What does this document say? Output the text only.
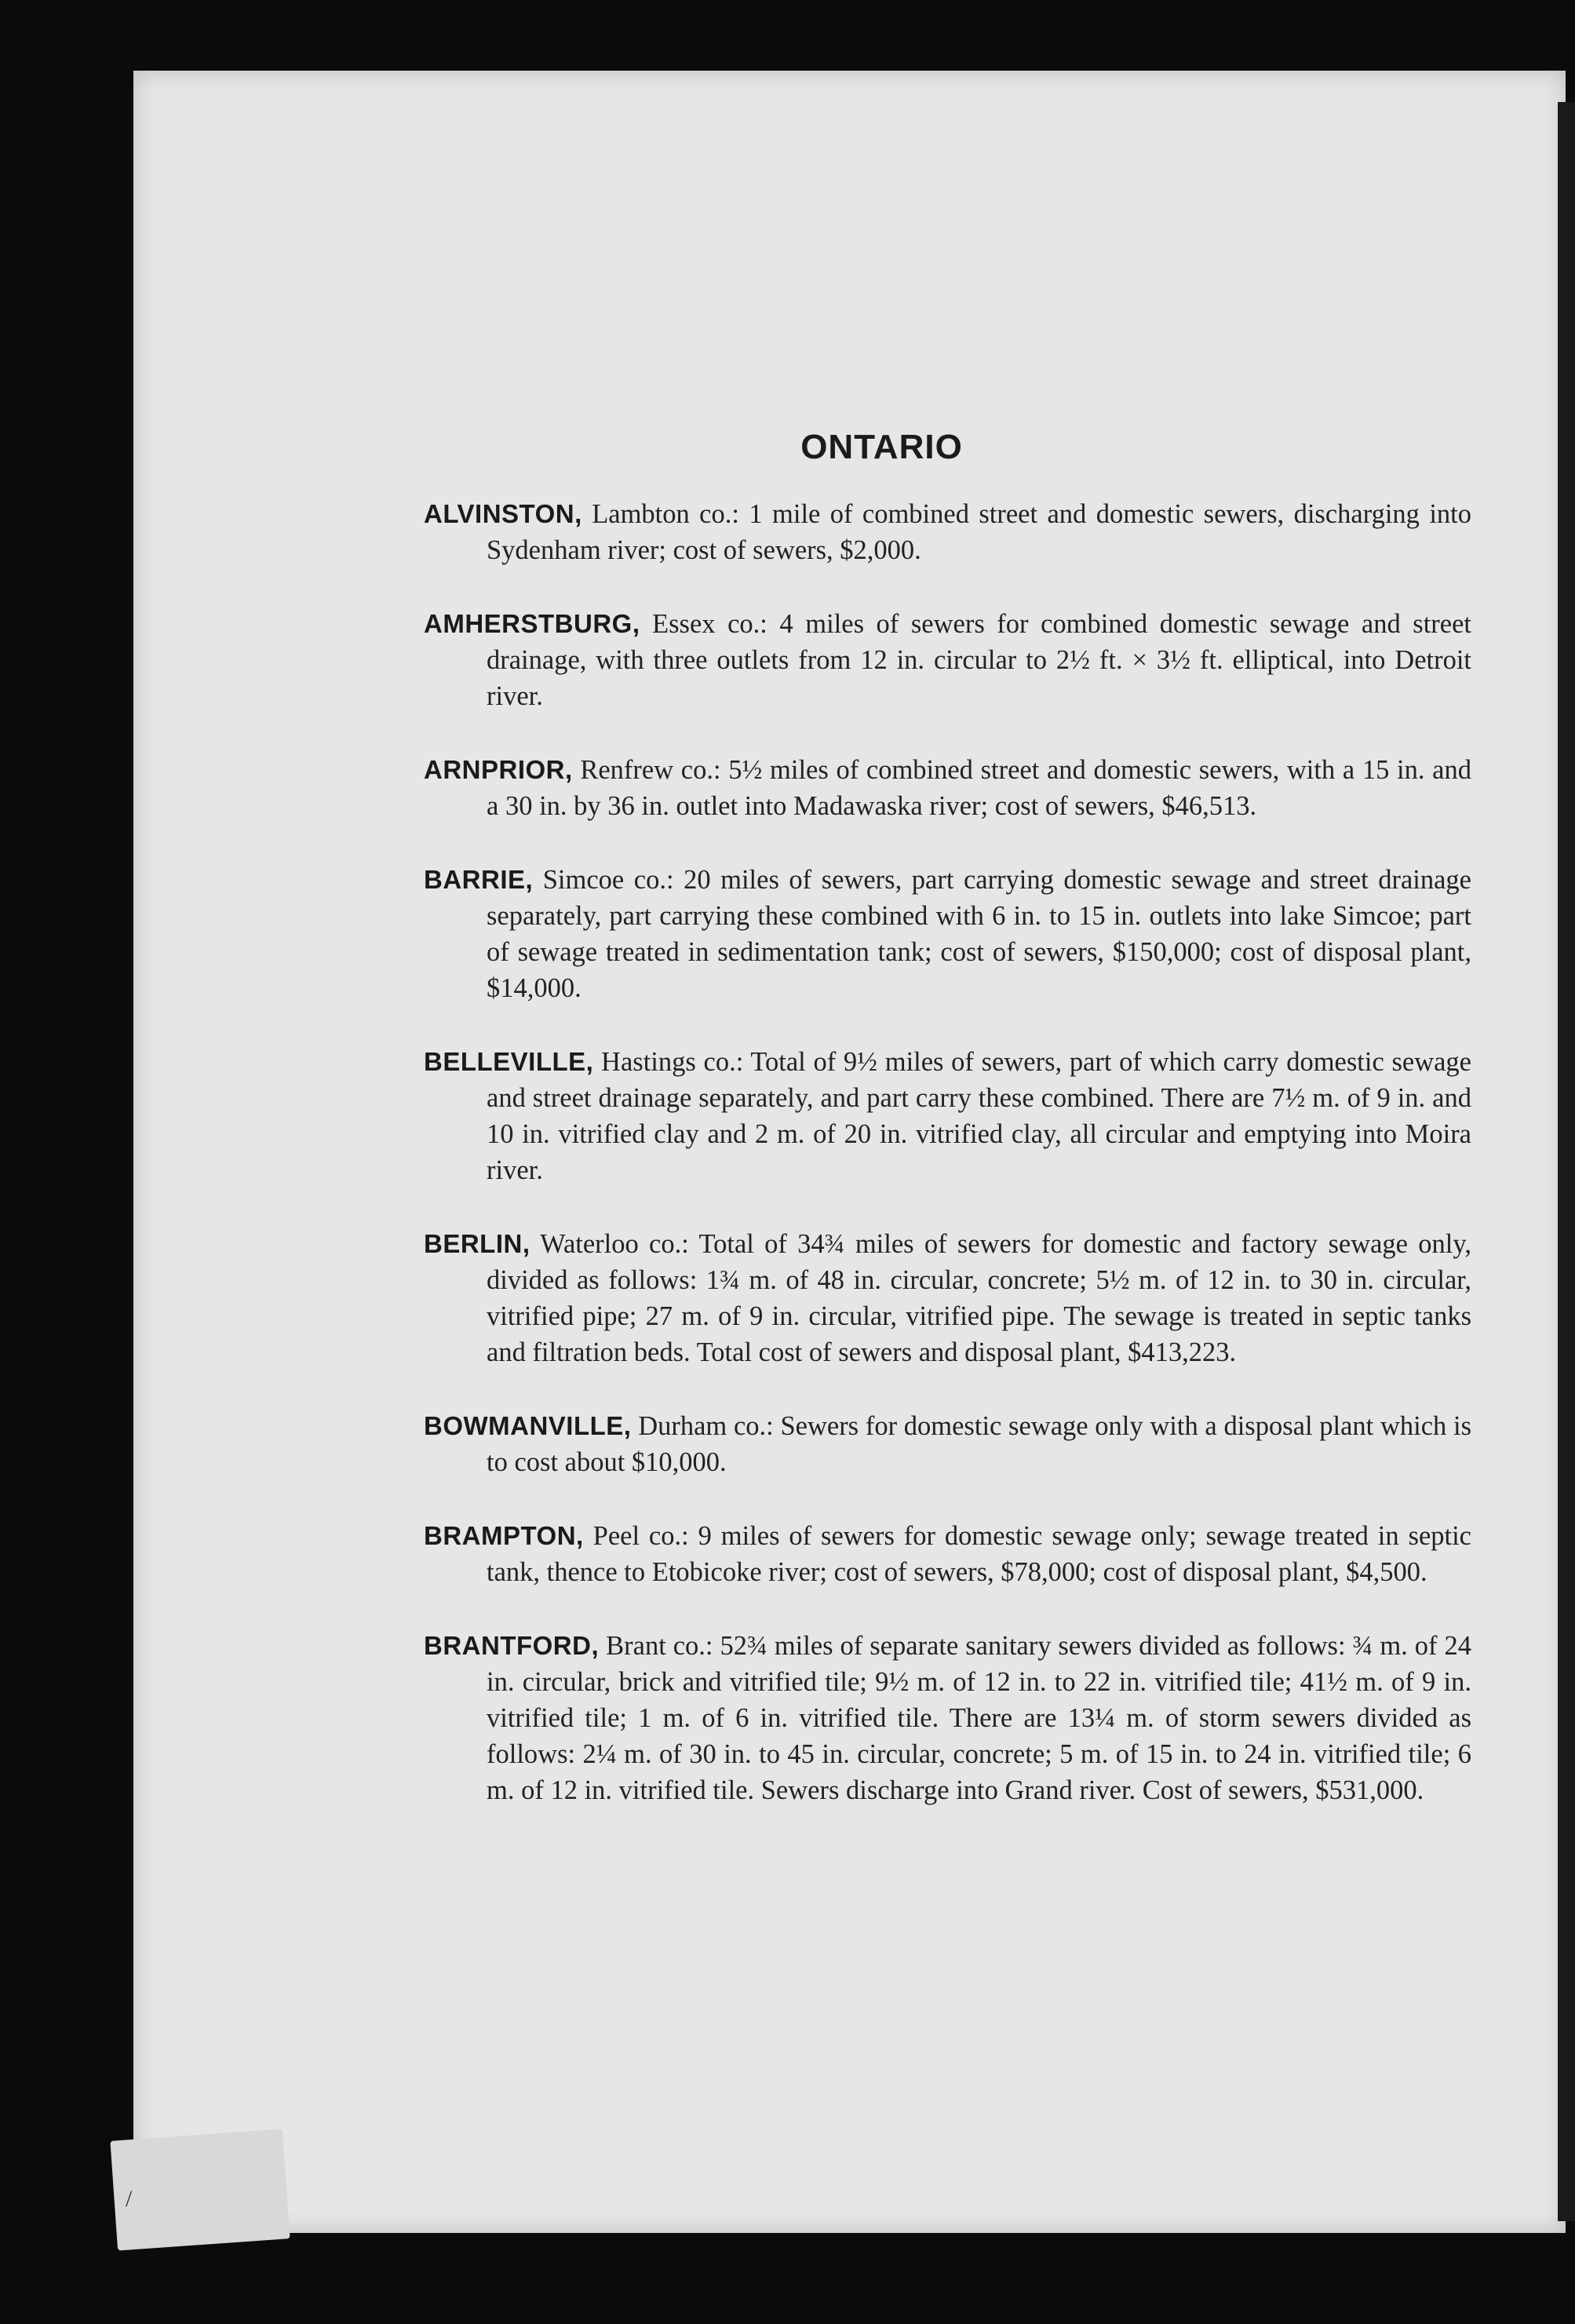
ONTARIO

ALVINSTON, Lambton co.: 1 mile of combined street and domestic sewers, discharging into Sydenham river; cost of sewers, $2,000.

AMHERSTBURG, Essex co.: 4 miles of sewers for combined domestic sewage and street drainage, with three outlets from 12 in. circular to 2½ ft. × 3½ ft. elliptical, into Detroit river.

ARNPRIOR, Renfrew co.: 5½ miles of combined street and domestic sewers, with a 15 in. and a 30 in. by 36 in. outlet into Madawaska river; cost of sewers, $46,513.

BARRIE, Simcoe co.: 20 miles of sewers, part carrying domestic sewage and street drainage separately, part carrying these combined with 6 in. to 15 in. outlets into lake Simcoe; part of sewage treated in sedimentation tank; cost of sewers, $150,000; cost of disposal plant, $14,000.

BELLEVILLE, Hastings co.: Total of 9½ miles of sewers, part of which carry domestic sewage and street drainage separately, and part carry these combined. There are 7½ m. of 9 in. and 10 in. vitrified clay and 2 m. of 20 in. vitrified clay, all circular and emptying into Moira river.

BERLIN, Waterloo co.: Total of 34¾ miles of sewers for domestic and factory sewage only, divided as follows: 1¾ m. of 48 in. circular, concrete; 5½ m. of 12 in. to 30 in. circular, vitrified pipe; 27 m. of 9 in. circular, vitrified pipe. The sewage is treated in septic tanks and filtration beds. Total cost of sewers and disposal plant, $413,223.

BOWMANVILLE, Durham co.: Sewers for domestic sewage only with a disposal plant which is to cost about $10,000.

BRAMPTON, Peel co.: 9 miles of sewers for domestic sewage only; sewage treated in septic tank, thence to Etobicoke river; cost of sewers, $78,000; cost of disposal plant, $4,500.

BRANTFORD, Brant co.: 52¾ miles of separate sanitary sewers divided as follows: ¾ m. of 24 in. circular, brick and vitrified tile; 9½ m. of 12 in. to 22 in. vitrified tile; 41½ m. of 9 in. vitrified tile; 1 m. of 6 in. vitrified tile. There are 13¼ m. of storm sewers divided as follows: 2¼ m. of 30 in. to 45 in. circular, concrete; 5 m. of 15 in. to 24 in. vitrified tile; 6 m. of 12 in. vitrified tile. Sewers discharge into Grand river. Cost of sewers, $531,000.

/
